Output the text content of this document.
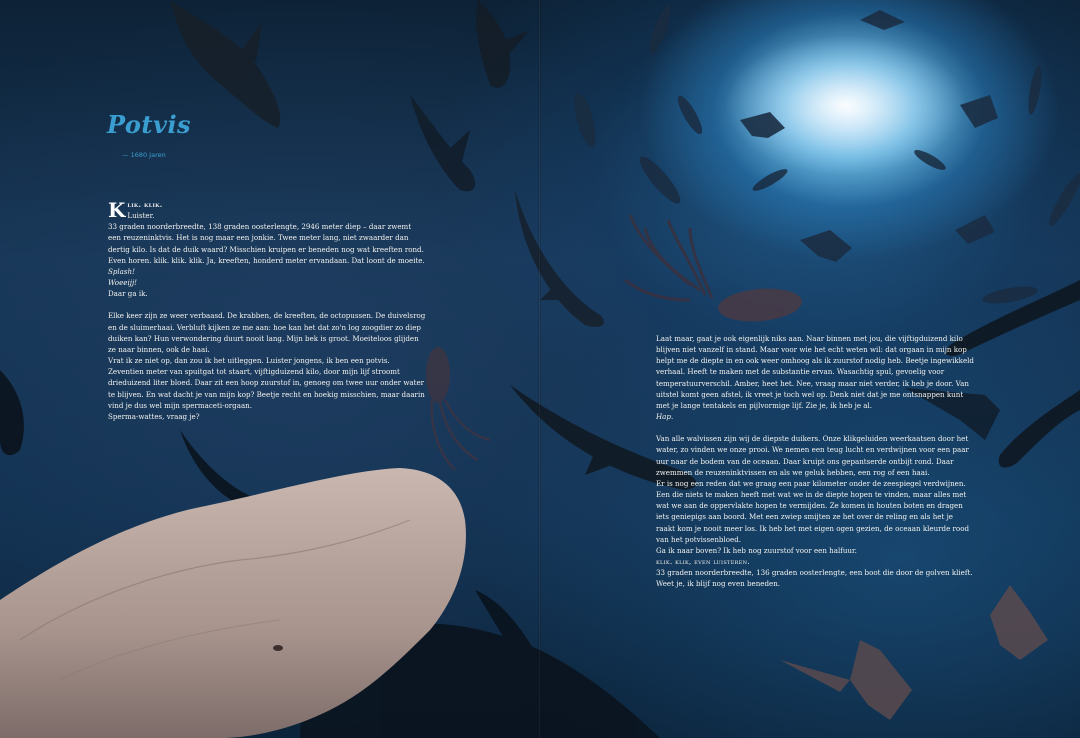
Potvis
— 1680 Jaren

Klik. klik.

Luister.

33 graden noorderbreedte, 138 graden oosterlengte, 2946 meter diep – daar zwemt een reuzeninktvis. Het is nog maar een jonkie. Twee meter lang, niet zwaarder dan dertig kilo. Is dat de duik waard? Misschien kruipen er beneden nog wat kreeften rond. Even horen. klik. klik. klik. Ja, kreeften, honderd meter ervandaan. Dat loont de moeite.

Splash!

Woeeijj!

Daar ga ik.

Elke keer zijn ze weer verbaasd. De krabben, de kreeften, de octopussen. De duivelsrog en de sluimerhaai. Verbluft kijken ze me aan: hoe kan het dat zo'n log zoogdier zo diep duiken kan? Hun verwondering duurt nooit lang. Mijn bek is groot. Moeiteloos glijden ze naar binnen, ook de haai.

Vrat ik ze niet op, dan zou ik het uitleggen. Luister jongens, ik ben een potvis. Zeventien meter van spuitgat tot staart, vijftigduizend kilo, door mijn lijf stroomt drieduizend liter bloed. Daar zit een hoop zuurstof in, genoeg om twee uur onder water te blijven. En wat dacht je van mijn kop? Beetje recht en hoekig misschien, maar daarin vind je dus wel mijn spermaceti-orgaan.

Sperma-wattes, vraag je?

Laat maar, gaat je ook eigenlijk niks aan. Naar binnen met jou, die vijftigduizend kilo blijven niet vanzelf in stand. Maar voor wie het echt weten wil: dat orgaan in mijn kop helpt me de diepte in en ook weer omhoog als ik zuurstof nodig heb. Beetje ingewikkeld verhaal. Heeft te maken met de substantie ervan. Wasachtig spul, gevoelig voor temperatuurverschil. Amber, heet het. Nee, vraag maar niet verder, ik heb je door. Van uitstel komt geen afstel, ik vreet je toch wel op. Denk niet dat je me ontsnappen kunt met je lange tentakels en pijlvormige lijf. Zie je, ik heb je al.

Hap.

Van alle walvissen zijn wij de diepste duikers. Onze klikgeluiden weerkaatsen door het water, zo vinden we onze prooi. We nemen een teug lucht en verdwijnen voor een paar uur naar de bodem van de oceaan. Daar kruipt ons gepantserde ontbijt rond. Daar zwemmen de reuzeninktvissen en als we geluk hebben, een rog of een haai.

Er is nog een reden dat we graag een paar kilometer onder de zeespiegel verdwijnen. Een die niets te maken heeft met wat we in de diepte hopen te vinden, maar alles met wat we aan de oppervlakte hopen te vermijden. Ze komen in houten boten en dragen iets geniepigs aan boord. Met een zwiep smijten ze het over de reling en als het je raakt kom je nooit meer los. Ik heb het met eigen ogen gezien, de oceaan kleurde rood van het potvissenbloed.

Ga ik naar boven? Ik heb nog zuurstof voor een halfuur.

klik. klik, even luisteren.

33 graden noorderbreedte, 136 graden oosterlengte, een boot die door de golven klieft.

Weet je, ik blijf nog even beneden.
